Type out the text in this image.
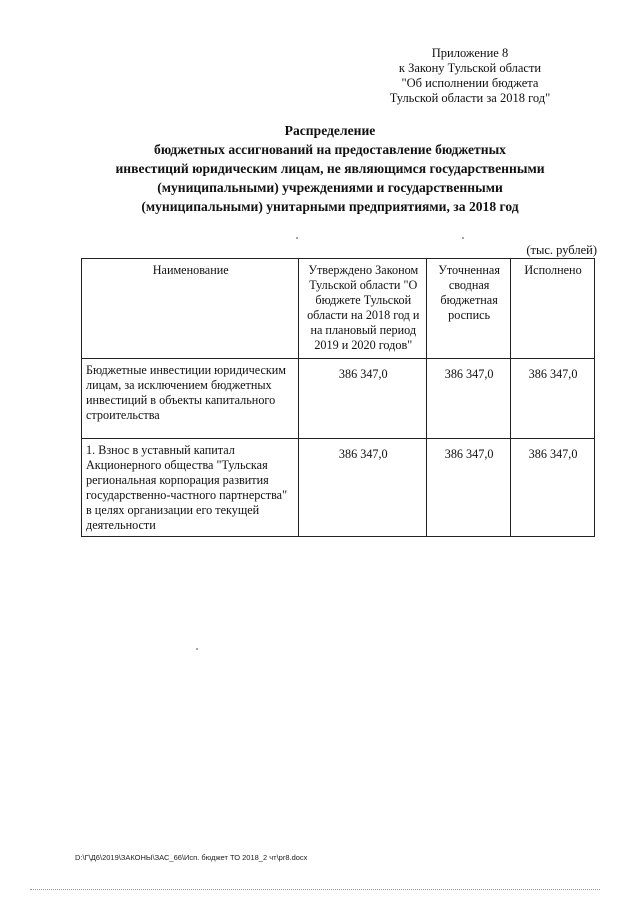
Приложение 8
к Закону Тульской области
"Об исполнении бюджета
Тульской области за 2018 год"
Распределение
бюджетных ассигнований на предоставление бюджетных
инвестиций юридическим лицам, не являющимся государственными
(муниципальными) учреждениями и государственными
(муниципальными) унитарными предприятиями, за 2018 год
(тыс. рублей)
Наименование	Утверждено Законом Тульской области "О бюджете Тульской области на 2018 год и на плановый период 2019 и 2020 годов"	Уточненная сводная бюджетная роспись	Исполнено
Бюджетные инвестиции юридическим лицам, за исключением бюджетных инвестиций в объекты капитального строительства	386 347,0	386 347,0	386 347,0
1. Взнос в уставный капитал Акционерного общества "Тульская региональная корпорация развития государственно-частного партнерства" в целях организации его текущей деятельности	386 347,0	386 347,0	386 347,0
D:\Г\Д6\2019\ЗАКОНЫ\ЗАС_66\Исп. бюджет ТО 2018_2 чт\pr8.docx
